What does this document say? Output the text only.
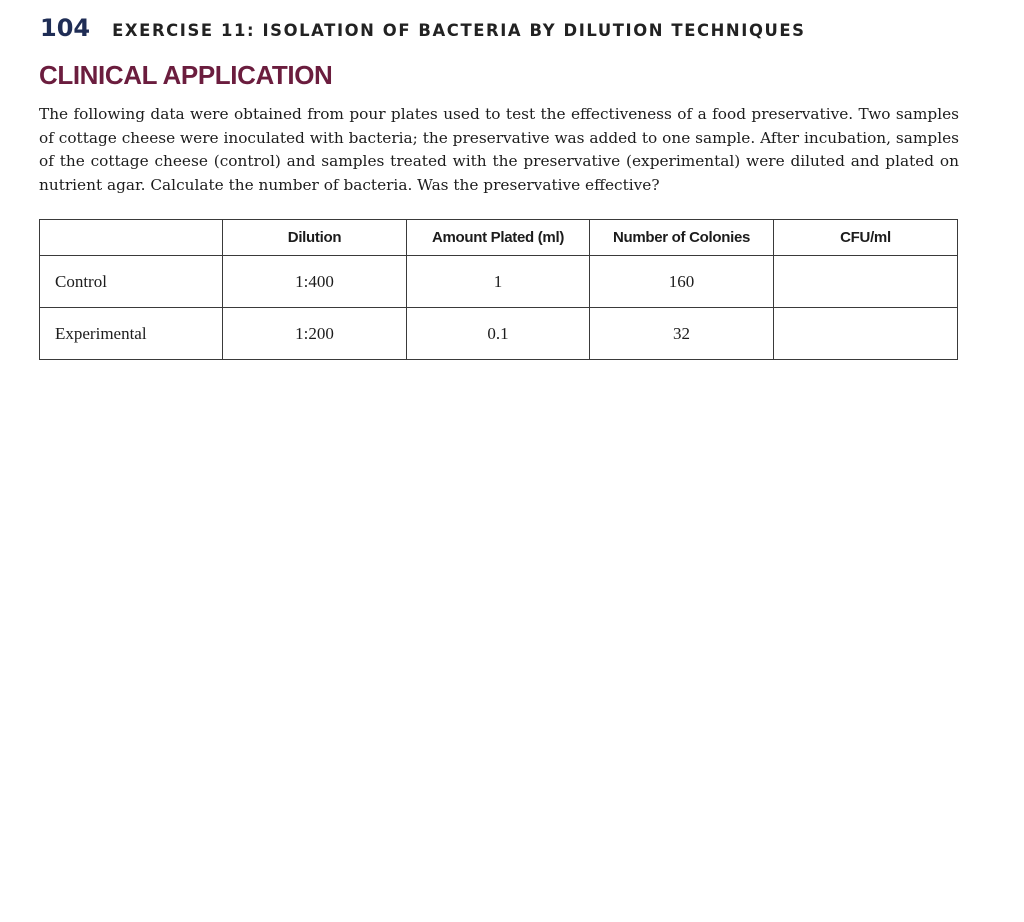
104 EXERCISE 11: ISOLATION OF BACTERIA BY DILUTION TECHNIQUES
CLINICAL APPLICATION

The following data were obtained from pour plates used to test the effectiveness of a food preservative. Two samples of cottage cheese were inoculated with bacteria; the preservative was added to one sample. After incubation, samples of the cottage cheese (control) and samples treated with the preservative (experimental) were diluted and plated on nutrient agar. Calculate the number of bacteria. Was the preservative effective?

	Dilution	Amount Plated (ml)	Number of Colonies	CFU/ml
Control	1:400	1	160	
Experimental	1:200	0.1	32	
